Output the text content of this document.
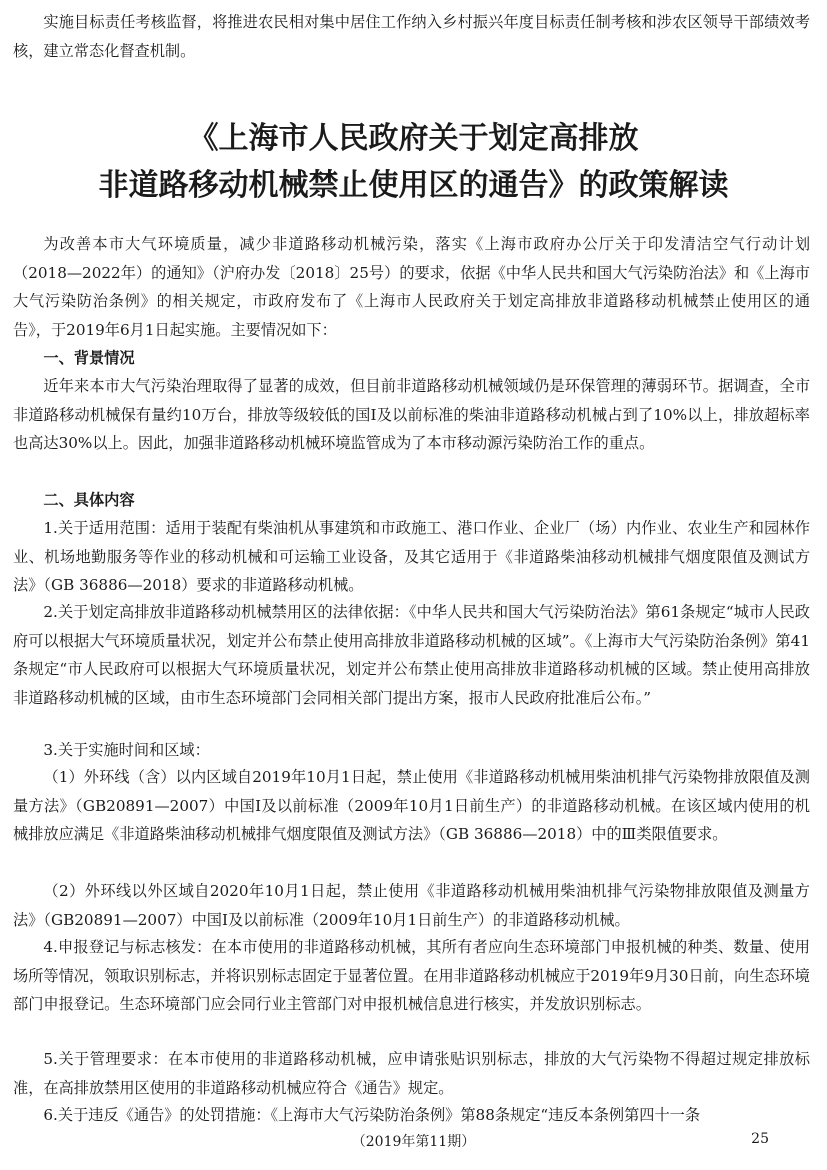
实施目标责任考核监督，将推进农民相对集中居住工作纳入乡村振兴年度目标责任制考核和涉农区领导干部绩效考核，建立常态化督查机制。
《上海市人民政府关于划定高排放
非道路移动机械禁止使用区的通告》的政策解读
为改善本市大气环境质量，减少非道路移动机械污染，落实《上海市政府办公厅关于印发清洁空气行动计划（2018—2022年）的通知》（沪府办发〔2018〕25号）的要求，依据《中华人民共和国大气污染防治法》和《上海市大气污染防治条例》的相关规定，市政府发布了《上海市人民政府关于划定高排放非道路移动机械禁止使用区的通告》，于2019年6月1日起实施。主要情况如下：
一、背景情况
近年来本市大气污染治理取得了显著的成效，但目前非道路移动机械领域仍是环保管理的薄弱环节。据调查，全市非道路移动机械保有量约10万台，排放等级较低的国Ⅰ及以前标准的柴油非道路移动机械占到了10%以上，排放超标率也高达30%以上。因此，加强非道路移动机械环境监管成为了本市移动源污染防治工作的重点。
二、具体内容
1.关于适用范围：适用于装配有柴油机从事建筑和市政施工、港口作业、企业厂（场）内作业、农业生产和园林作业、机场地勤服务等作业的移动机械和可运输工业设备，及其它适用于《非道路柴油移动机械排气烟度限值及测试方法》（GB 36886—2018）要求的非道路移动机械。
2.关于划定高排放非道路移动机械禁用区的法律依据：《中华人民共和国大气污染防治法》第61条规定“城市人民政府可以根据大气环境质量状况，划定并公布禁止使用高排放非道路移动机械的区域”。《上海市大气污染防治条例》第41条规定“市人民政府可以根据大气环境质量状况，划定并公布禁止使用高排放非道路移动机械的区域。禁止使用高排放非道路移动机械的区域，由市生态环境部门会同相关部门提出方案，报市人民政府批准后公布。”
3.关于实施时间和区域：
（1）外环线（含）以内区域自2019年10月1日起，禁止使用《非道路移动机械用柴油机排气污染物排放限值及测量方法》（GB20891—2007）中国Ⅰ及以前标准（2009年10月1日前生产）的非道路移动机械。在该区域内使用的机械排放应满足《非道路柴油移动机械排气烟度限值及测试方法》（GB 36886—2018）中的Ⅲ类限值要求。
（2）外环线以外区域自2020年10月1日起，禁止使用《非道路移动机械用柴油机排气污染物排放限值及测量方法》（GB20891—2007）中国Ⅰ及以前标准（2009年10月1日前生产）的非道路移动机械。
4.申报登记与标志核发：在本市使用的非道路移动机械，其所有者应向生态环境部门申报机械的种类、数量、使用场所等情况，领取识别标志，并将识别标志固定于显著位置。在用非道路移动机械应于2019年9月30日前，向生态环境部门申报登记。生态环境部门应会同行业主管部门对申报机械信息进行核实，并发放识别标志。
5.关于管理要求：在本市使用的非道路移动机械，应申请张贴识别标志，排放的大气污染物不得超过规定排放标准，在高排放禁用区使用的非道路移动机械应符合《通告》规定。
6.关于违反《通告》的处罚措施：《上海市大气污染防治条例》第88条规定“违反本条例第四十一条
（2019年第11期）	25
